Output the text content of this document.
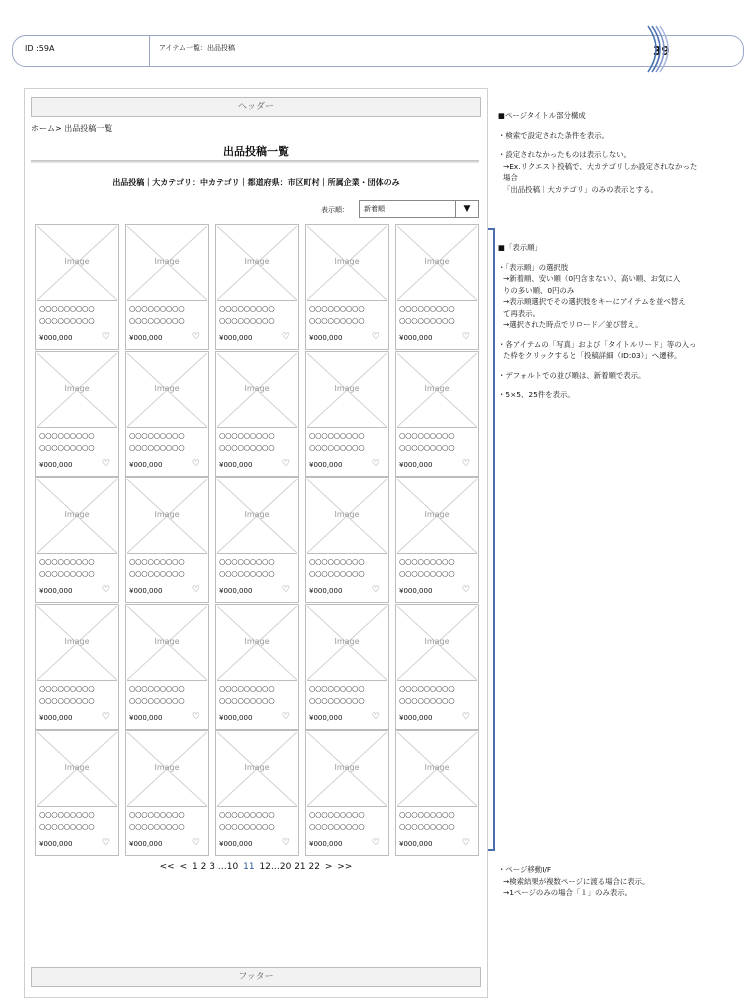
ID :59A	アイテム一覧：出品投稿	39
ヘッダー
ホーム> 出品投稿一覧
出品投稿一覧
出品投稿｜大カテゴリ：中カテゴリ｜都道府県：市区町村｜所属企業・団体のみ
表示順： 新着順	▼
Image
○○○○○○○○○
○○○○○○○○○
¥000,000	♡
Image
○○○○○○○○○
○○○○○○○○○
¥000,000	♡
Image
○○○○○○○○○
○○○○○○○○○
¥000,000	♡
Image
○○○○○○○○○
○○○○○○○○○
¥000,000	♡
Image
○○○○○○○○○
○○○○○○○○○
¥000,000	♡
Image
○○○○○○○○○
○○○○○○○○○
¥000,000	♡
Image
○○○○○○○○○
○○○○○○○○○
¥000,000	♡
Image
○○○○○○○○○
○○○○○○○○○
¥000,000	♡
Image
○○○○○○○○○
○○○○○○○○○
¥000,000	♡
Image
○○○○○○○○○
○○○○○○○○○
¥000,000	♡
Image
○○○○○○○○○
○○○○○○○○○
¥000,000	♡
Image
○○○○○○○○○
○○○○○○○○○
¥000,000	♡
Image
○○○○○○○○○
○○○○○○○○○
¥000,000	♡
Image
○○○○○○○○○
○○○○○○○○○
¥000,000	♡
Image
○○○○○○○○○
○○○○○○○○○
¥000,000	♡
Image
○○○○○○○○○
○○○○○○○○○
¥000,000	♡
Image
○○○○○○○○○
○○○○○○○○○
¥000,000	♡
Image
○○○○○○○○○
○○○○○○○○○
¥000,000	♡
Image
○○○○○○○○○
○○○○○○○○○
¥000,000	♡
Image
○○○○○○○○○
○○○○○○○○○
¥000,000	♡
Image
○○○○○○○○○
○○○○○○○○○
¥000,000	♡
Image
○○○○○○○○○
○○○○○○○○○
¥000,000	♡
Image
○○○○○○○○○
○○○○○○○○○
¥000,000	♡
Image
○○○○○○○○○
○○○○○○○○○
¥000,000	♡
Image
○○○○○○○○○
○○○○○○○○○
¥000,000	♡
<< < 1 2 3 …10 11 12…20 21 22 > >>
フッター

■ページタイトル部分構成

・検索で設定された条件を表示。

・設定されなかったものは表示しない。

→Ex.リクエスト投稿で、大カテゴリしか設定されなかった

場合

「出品投稿｜大カテゴリ」のみの表示とする。

■「表示順」

・「表示順」の選択肢

→新着順、安い順（0円含まない）、高い順、お気に入

りの多い順、0円のみ

→表示順選択でその選択肢をキーにアイテムを並べ替え

て再表示。

→選択された時点でリロード／並び替え。

・各アイテムの「写真」および「タイトルリード」等の入っ

た枠をクリックすると「投稿詳細（ID:03）」へ遷移。

・デフォルトでの並び順は、新着順で表示。

・5×5、25件を表示。

・ページ移動I/F

→検索結果が複数ページに渡る場合に表示。

→1ページのみの場合「１」のみ表示。
